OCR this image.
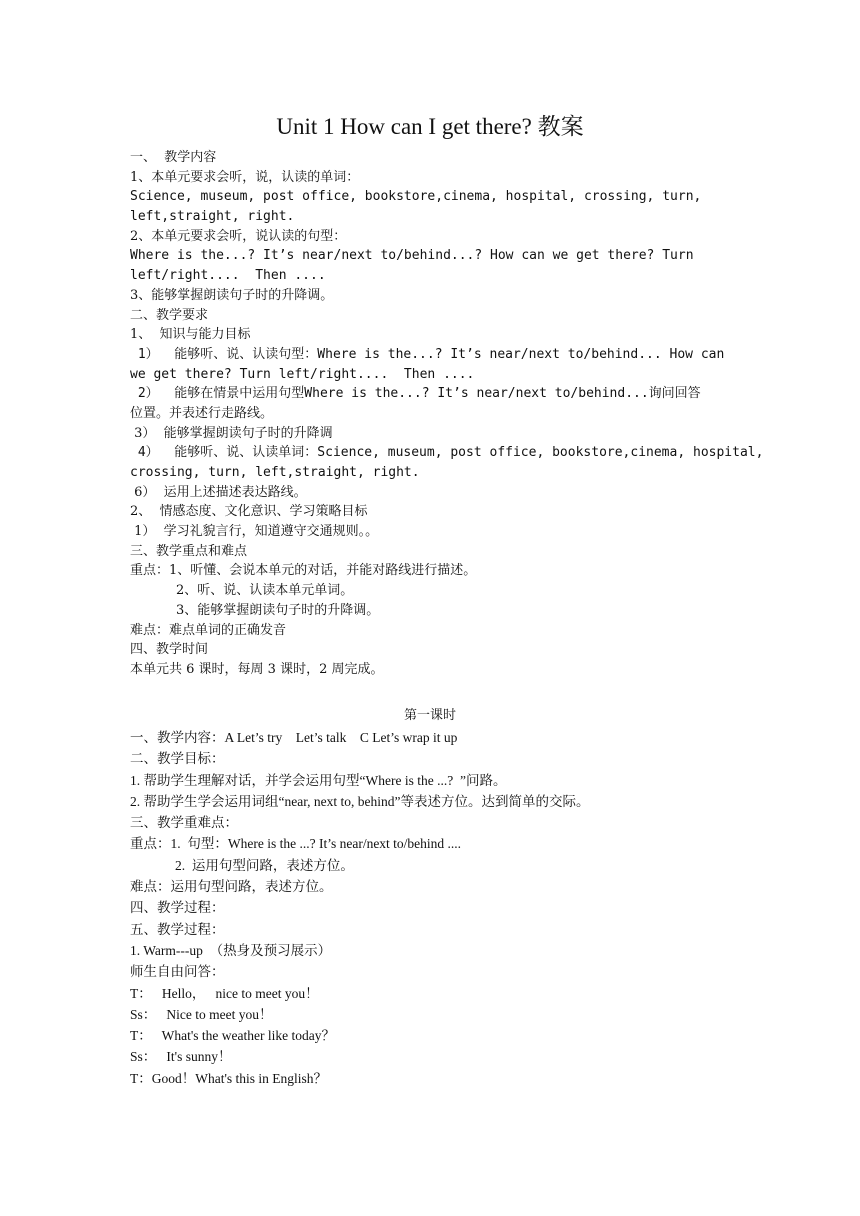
Unit 1 How can I get there? 教案
一、  教学内容
1、本单元要求会听，说，认读的单词：
Science, museum, post office, bookstore,cinema, hospital, crossing, turn,
left,straight, right.
2、本单元要求会听，说认读的句型：
Where is the...? It’s near/next to/behind...? How can we get there? Turn
left/right....  Then ....
3、能够掌握朗读句子时的升降调。
二、教学要求
1、  知识与能力目标
1）  能够听、说、认读句型：Where is the...? It’s near/next to/behind... How can
we get there? Turn left/right....  Then ....
2）  能够在情景中运用句型Where is the...? It’s near/next to/behind...询问回答
位置。并表述行走路线。
3）  能够掌握朗读句子时的升降调
4）  能够听、说、认读单词：Science, museum, post office, bookstore,cinema, hospital,
crossing, turn, left,straight, right.
6）  运用上述描述表达路线。
2、  情感态度、文化意识、学习策略目标
1）  学习礼貌言行，知道遵守交通规则。。
三、教学重点和难点
重点：1、听懂、会说本单元的对话，并能对路线进行描述。
2、听、说、认读本单元单词。
3、能够掌握朗读句子时的升降调。
难点：难点单词的正确发音
四、教学时间
本单元共 6 课时，每周 3 课时，2 周完成。
第一课时
一、教学内容：A Let’s try    Let’s talk    C Let’s wrap it up
二、教学目标：
1. 帮助学生理解对话，并学会运用句型“Where is the ...?  ”问路。
2. 帮助学生学会运用词组“near, next to, behind”等表述方位。达到简单的交际。
三、教学重难点：
重点：1.  句型：Where is the ...? It’s near/next to/behind ....
2.  运用句型问路，表述方位。
难点：运用句型问路，表述方位。
四、教学过程：
五、教学过程：
1. Warm---up  （热身及预习展示）
师生自由问答：
T：   Hello，   nice to meet you！
Ss：   Nice to meet you！
T：   What's the weather like today？
Ss：   It's sunny！
T：Good！What's this in English？
